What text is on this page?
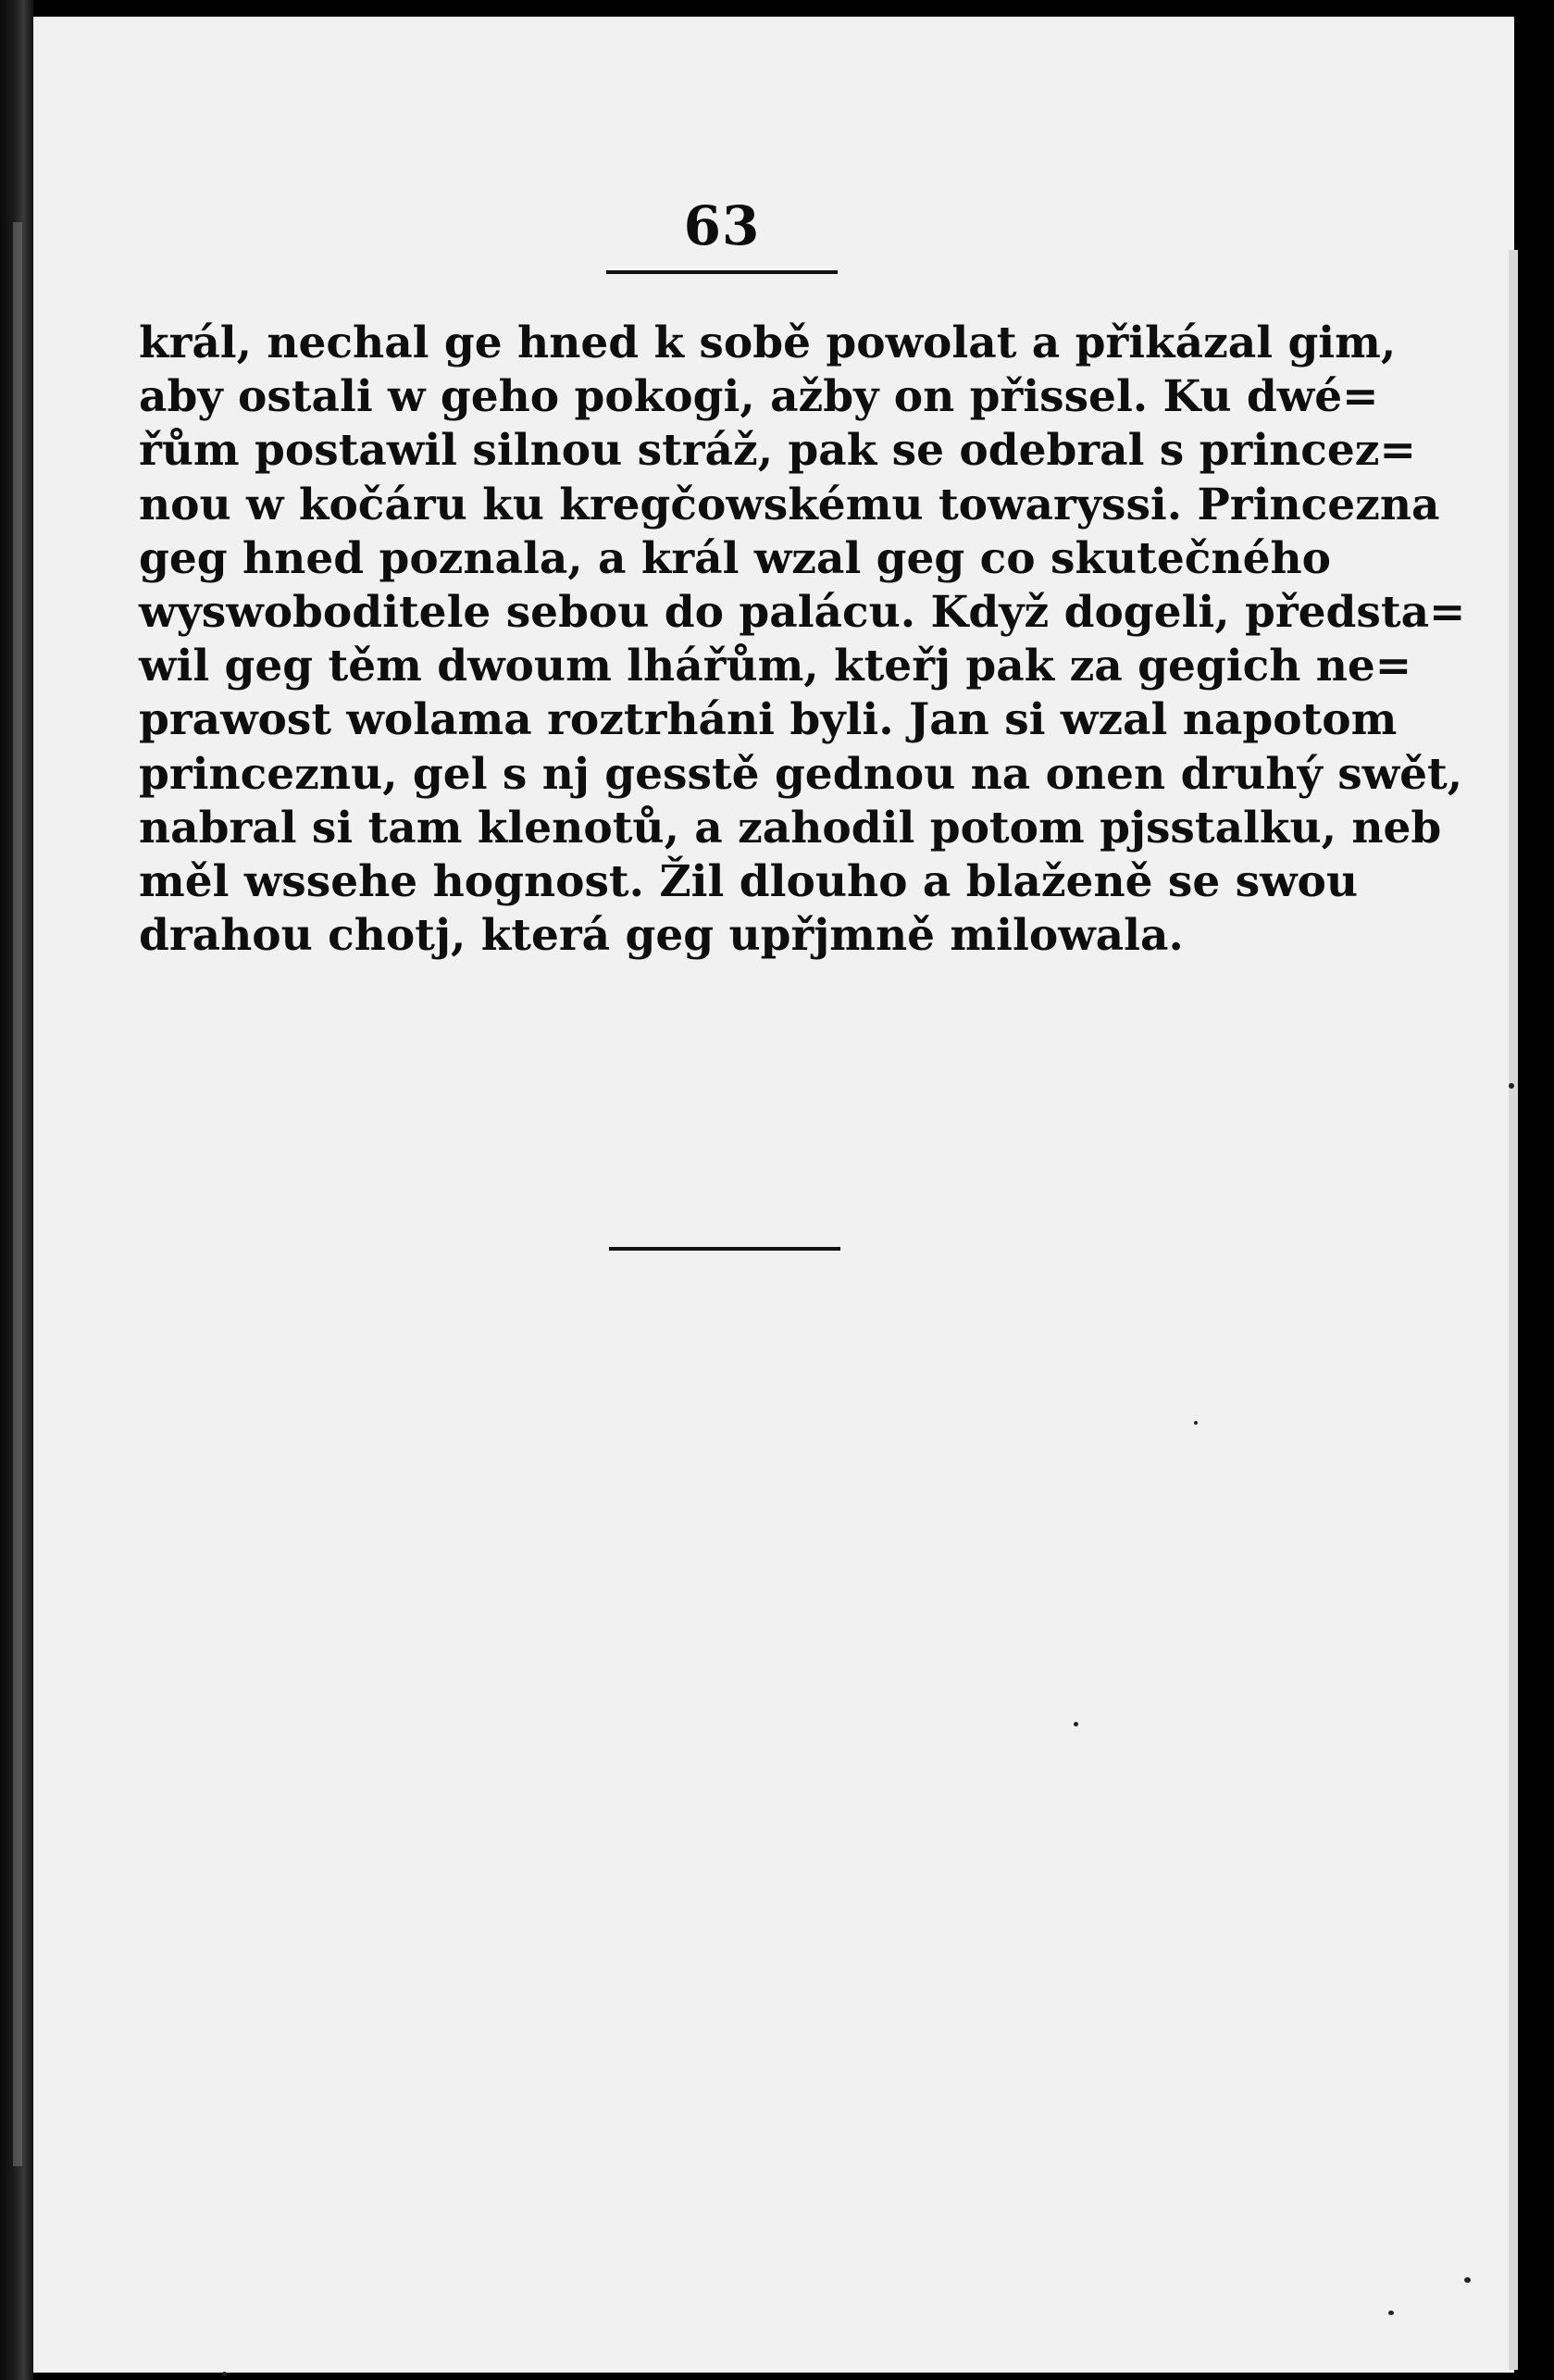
63
král, nechal ge hned k sobě powolat a přikázal gim,
aby ostali w geho pokogi, ažby on přissel. Ku dwé=
řům postawil silnou stráž, pak se odebral s princez=
nou w kočáru ku kregčowskému towaryssi. Princezna
geg hned poznala, a král wzal geg co skutečného
wyswoboditele sebou do palácu. Když dogeli, předsta=
wil geg těm dwoum lhářům, kteřj pak za gegich ne=
prawost wolama roztrháni byli. Jan si wzal napotom
princeznu, gel s nj gesstě gednou na onen druhý swět,
nabral si tam klenotů, a zahodil potom pjsstalku, neb
měl wssehe hognost. Žil dlouho a blaženě se swou
drahou chotj, která geg upřjmně milowala.
